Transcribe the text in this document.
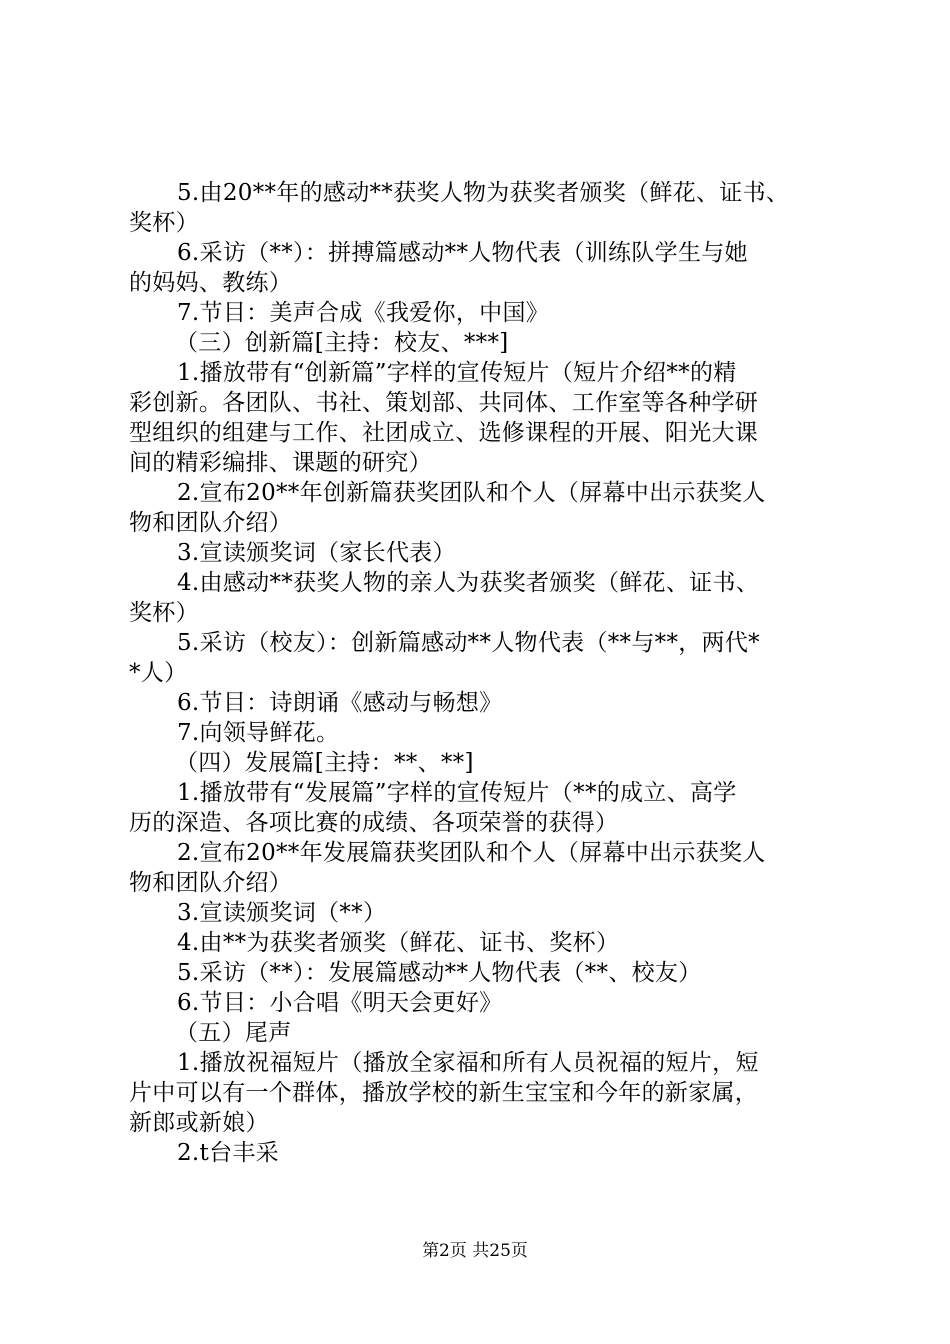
5.由20**年的感动**获奖人物为获奖者颁奖（鲜花、证书、
奖杯）
6.采访（**）：拼搏篇感动**人物代表（训练队学生与她
的妈妈、教练）
7.节目：美声合成《我爱你，中国》
（三）创新篇[主持：校友、***]
1.播放带有“创新篇”字样的宣传短片（短片介绍**的精
彩创新。各团队、书社、策划部、共同体、工作室等各种学研
型组织的组建与工作、社团成立、选修课程的开展、阳光大课
间的精彩编排、课题的研究）
2.宣布20**年创新篇获奖团队和个人（屏幕中出示获奖人
物和团队介绍）
3.宣读颁奖词（家长代表）
4.由感动**获奖人物的亲人为获奖者颁奖（鲜花、证书、
奖杯）
5.采访（校友）：创新篇感动**人物代表（**与**，两代*
*人）
6.节目：诗朗诵《感动与畅想》
7.向领导鲜花。
（四）发展篇[主持：**、**]
1.播放带有“发展篇”字样的宣传短片（**的成立、高学
历的深造、各项比赛的成绩、各项荣誉的获得）
2.宣布20**年发展篇获奖团队和个人（屏幕中出示获奖人
物和团队介绍）
3.宣读颁奖词（**）
4.由**为获奖者颁奖（鲜花、证书、奖杯）
5.采访（**）：发展篇感动**人物代表（**、校友）
6.节目：小合唱《明天会更好》
（五）尾声
1.播放祝福短片（播放全家福和所有人员祝福的短片，短
片中可以有一个群体，播放学校的新生宝宝和今年的新家属，
新郎或新娘）
2.t台丰采
第2页 共25页
